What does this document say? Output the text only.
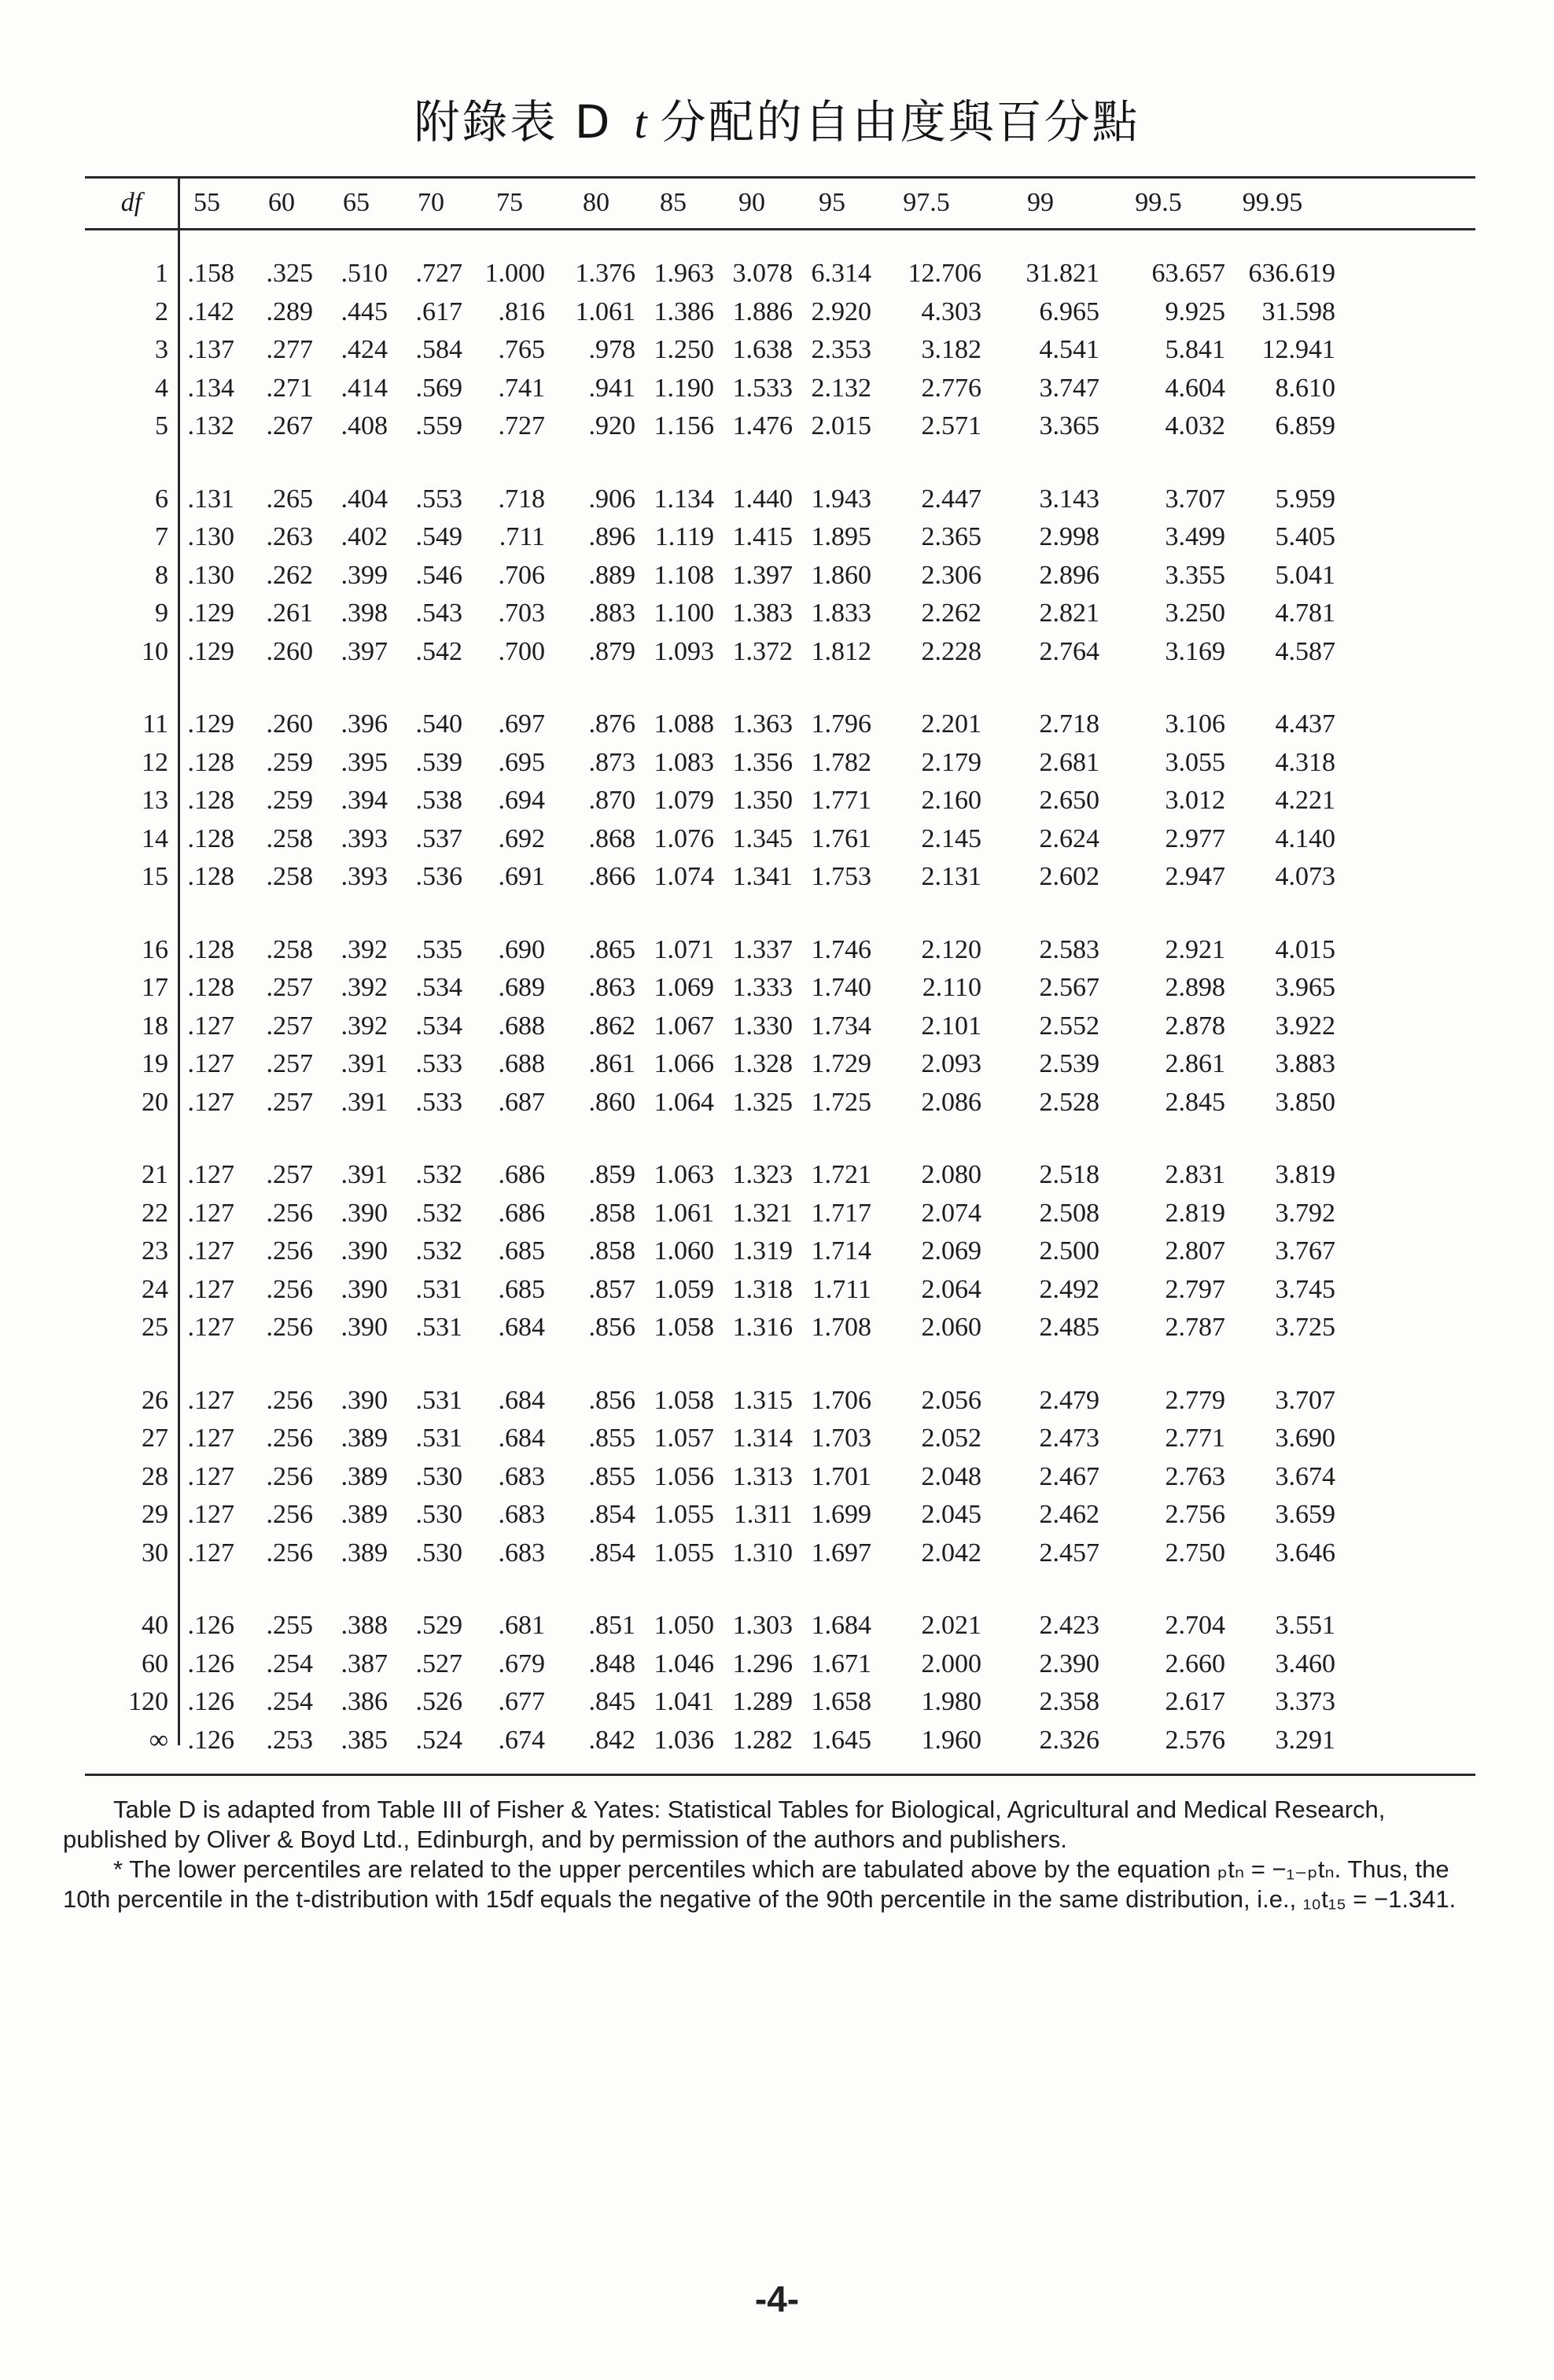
附錄表 D t 分配的自由度與百分點
df	55	60	65	70	75	80	85	90	95	97.5	99	99.5	99.95
1 .158	.325	.510	.727 1.000	1.376 1.963 3.078 6.314	12.706	31.821	63.657 636.619
2 .142	.289	.445	.617	.816	1.061 1.386 1.886 2.920	4.303	6.965	9.925	31.598
3 .137	.277	.424	.584	.765	.978 1.250 1.638 2.353	3.182	4.541	5.841	12.941
4 .134	.271	.414	.569	.741	.941 1.190 1.533 2.132	2.776	3.747	4.604	8.610
5 .132	.267	.408	.559	.727	.920 1.156 1.476 2.015	2.571	3.365	4.032	6.859
6 .131	.265	.404	.553	.718	.906 1.134 1.440 1.943	2.447	3.143	3.707	5.959
7 .130	.263	.402	.549	.711	.896 1.119 1.415 1.895	2.365	2.998	3.499	5.405
8 .130	.262	.399	.546	.706	.889 1.108 1.397 1.860	2.306	2.896	3.355	5.041
9 .129	.261	.398	.543	.703	.883 1.100 1.383 1.833	2.262	2.821	3.250	4.781
10 .129	.260	.397	.542	.700	.879 1.093 1.372 1.812	2.228	2.764	3.169	4.587
11 .129	.260	.396	.540	.697	.876 1.088 1.363 1.796	2.201	2.718	3.106	4.437
12 .128	.259	.395	.539	.695	.873 1.083 1.356 1.782	2.179	2.681	3.055	4.318
13 .128	.259	.394	.538	.694	.870 1.079 1.350 1.771	2.160	2.650	3.012	4.221
14 .128	.258	.393	.537	.692	.868 1.076 1.345 1.761	2.145	2.624	2.977	4.140
15 .128	.258	.393	.536	.691	.866 1.074 1.341 1.753	2.131	2.602	2.947	4.073
16 .128	.258	.392	.535	.690	.865 1.071 1.337 1.746	2.120	2.583	2.921	4.015
17 .128	.257	.392	.534	.689	.863 1.069 1.333 1.740	2.110	2.567	2.898	3.965
18 .127	.257	.392	.534	.688	.862 1.067 1.330 1.734	2.101	2.552	2.878	3.922
19 .127	.257	.391	.533	.688	.861 1.066 1.328 1.729	2.093	2.539	2.861	3.883
20 .127	.257	.391	.533	.687	.860 1.064 1.325 1.725	2.086	2.528	2.845	3.850
21 .127	.257	.391	.532	.686	.859 1.063 1.323 1.721	2.080	2.518	2.831	3.819
22 .127	.256	.390	.532	.686	.858 1.061 1.321 1.717	2.074	2.508	2.819	3.792
23 .127	.256	.390	.532	.685	.858 1.060 1.319 1.714	2.069	2.500	2.807	3.767
24 .127	.256	.390	.531	.685	.857 1.059 1.318 1.711	2.064	2.492	2.797	3.745
25 .127	.256	.390	.531	.684	.856 1.058 1.316 1.708	2.060	2.485	2.787	3.725
26 .127	.256	.390	.531	.684	.856 1.058 1.315 1.706	2.056	2.479	2.779	3.707
27 .127	.256	.389	.531	.684	.855 1.057 1.314 1.703	2.052	2.473	2.771	3.690
28 .127	.256	.389	.530	.683	.855 1.056 1.313 1.701	2.048	2.467	2.763	3.674
29 .127	.256	.389	.530	.683	.854 1.055 1.311 1.699	2.045	2.462	2.756	3.659
30 .127	.256	.389	.530	.683	.854 1.055 1.310 1.697	2.042	2.457	2.750	3.646
40 .126	.255	.388	.529	.681	.851 1.050 1.303 1.684	2.021	2.423	2.704	3.551
60 .126	.254	.387	.527	.679	.848 1.046 1.296 1.671	2.000	2.390	2.660	3.460
120 .126	.254	.386	.526	.677	.845 1.041 1.289 1.658	1.980	2.358	2.617	3.373
∞ .126	.253	.385	.524	.674	.842 1.036 1.282 1.645	1.960	2.326	2.576	3.291

Table D is adapted from Table III of Fisher & Yates: Statistical Tables for Biological, Agricultural and Medical Research, published by Oliver & Boyd Ltd., Edinburgh, and by permission of the authors and publishers.

* The lower percentiles are related to the upper percentiles which are tabulated above by the equation ₚtₙ = −₁₋ₚtₙ. Thus, the 10th percentile in the t-distribution with 15df equals the negative of the 90th percentile in the same distribution, i.e., ₁₀t₁₅ = −1.341.

-4-
